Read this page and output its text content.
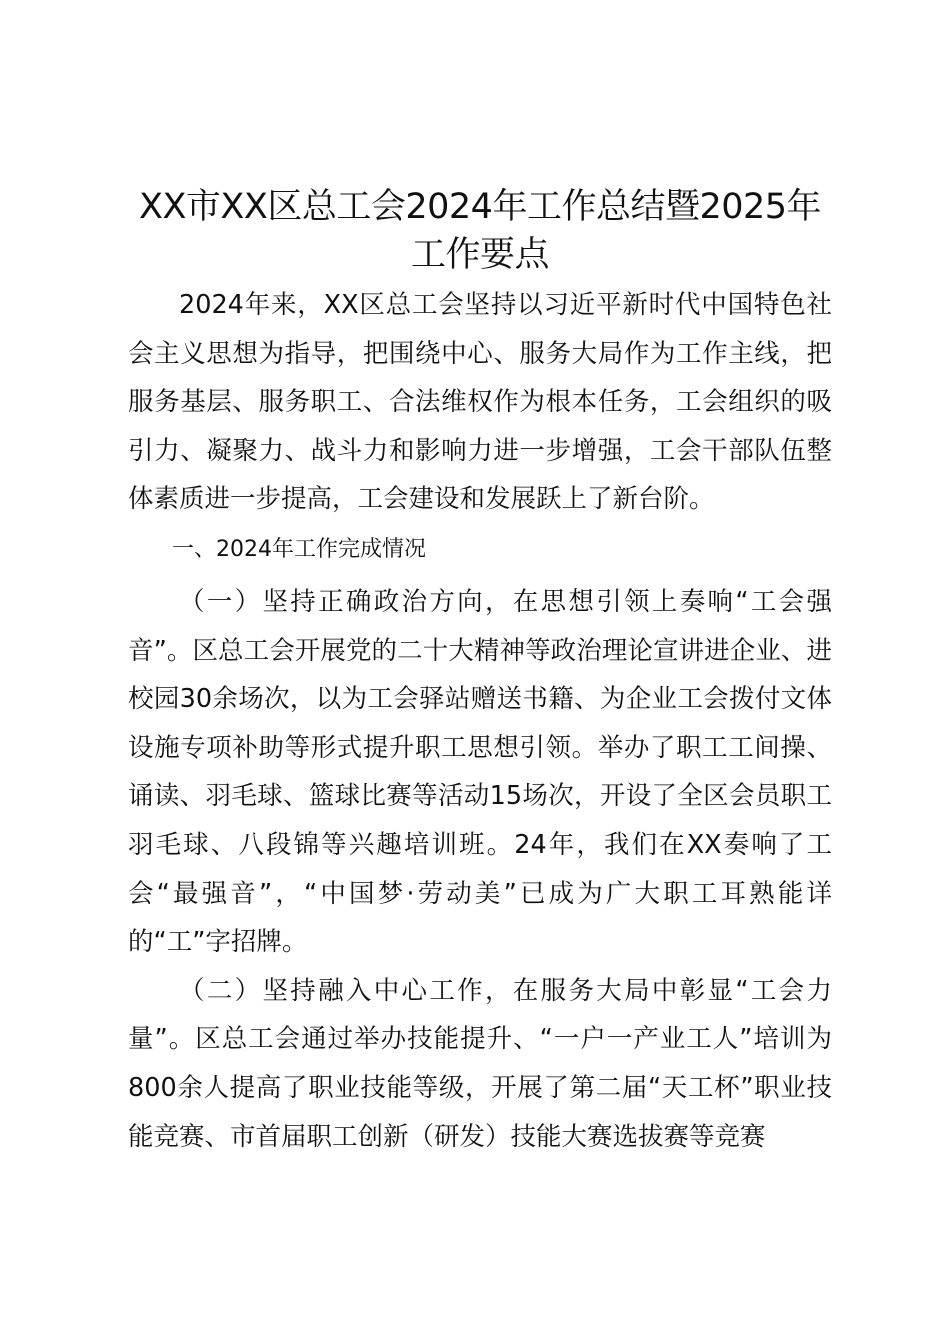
XX市XX区总工会2024年工作总结暨2025年工作要点

2024年来，XX区总工会坚持以习近平新时代中国特色社会主义思想为指导，把围绕中心、服务大局作为工作主线，把服务基层、服务职工、合法维权作为根本任务，工会组织的吸引力、凝聚力、战斗力和影响力进一步增强，工会干部队伍整体素质进一步提高，工会建设和发展跃上了新台阶。

一、2024年工作完成情况

（一）坚持正确政治方向，在思想引领上奏响“工会强音”。区总工会开展党的二十大精神等政治理论宣讲进企业、进校园30余场次，以为工会驿站赠送书籍、为企业工会拨付文体设施专项补助等形式提升职工思想引领。举办了职工工间操、诵读、羽毛球、篮球比赛等活动15场次，开设了全区会员职工羽毛球、八段锦等兴趣培训班。24年，我们在XX奏响了工会“最强音”，“中国梦·劳动美”已成为广大职工耳熟能详的“工”字招牌。

（二）坚持融入中心工作，在服务大局中彰显“工会力量”。区总工会通过举办技能提升、“一户一产业工人”培训为800余人提高了职业技能等级，开展了第二届“天工杯”职业技能竞赛、市首届职工创新（研发）技能大赛选拔赛等竞赛
